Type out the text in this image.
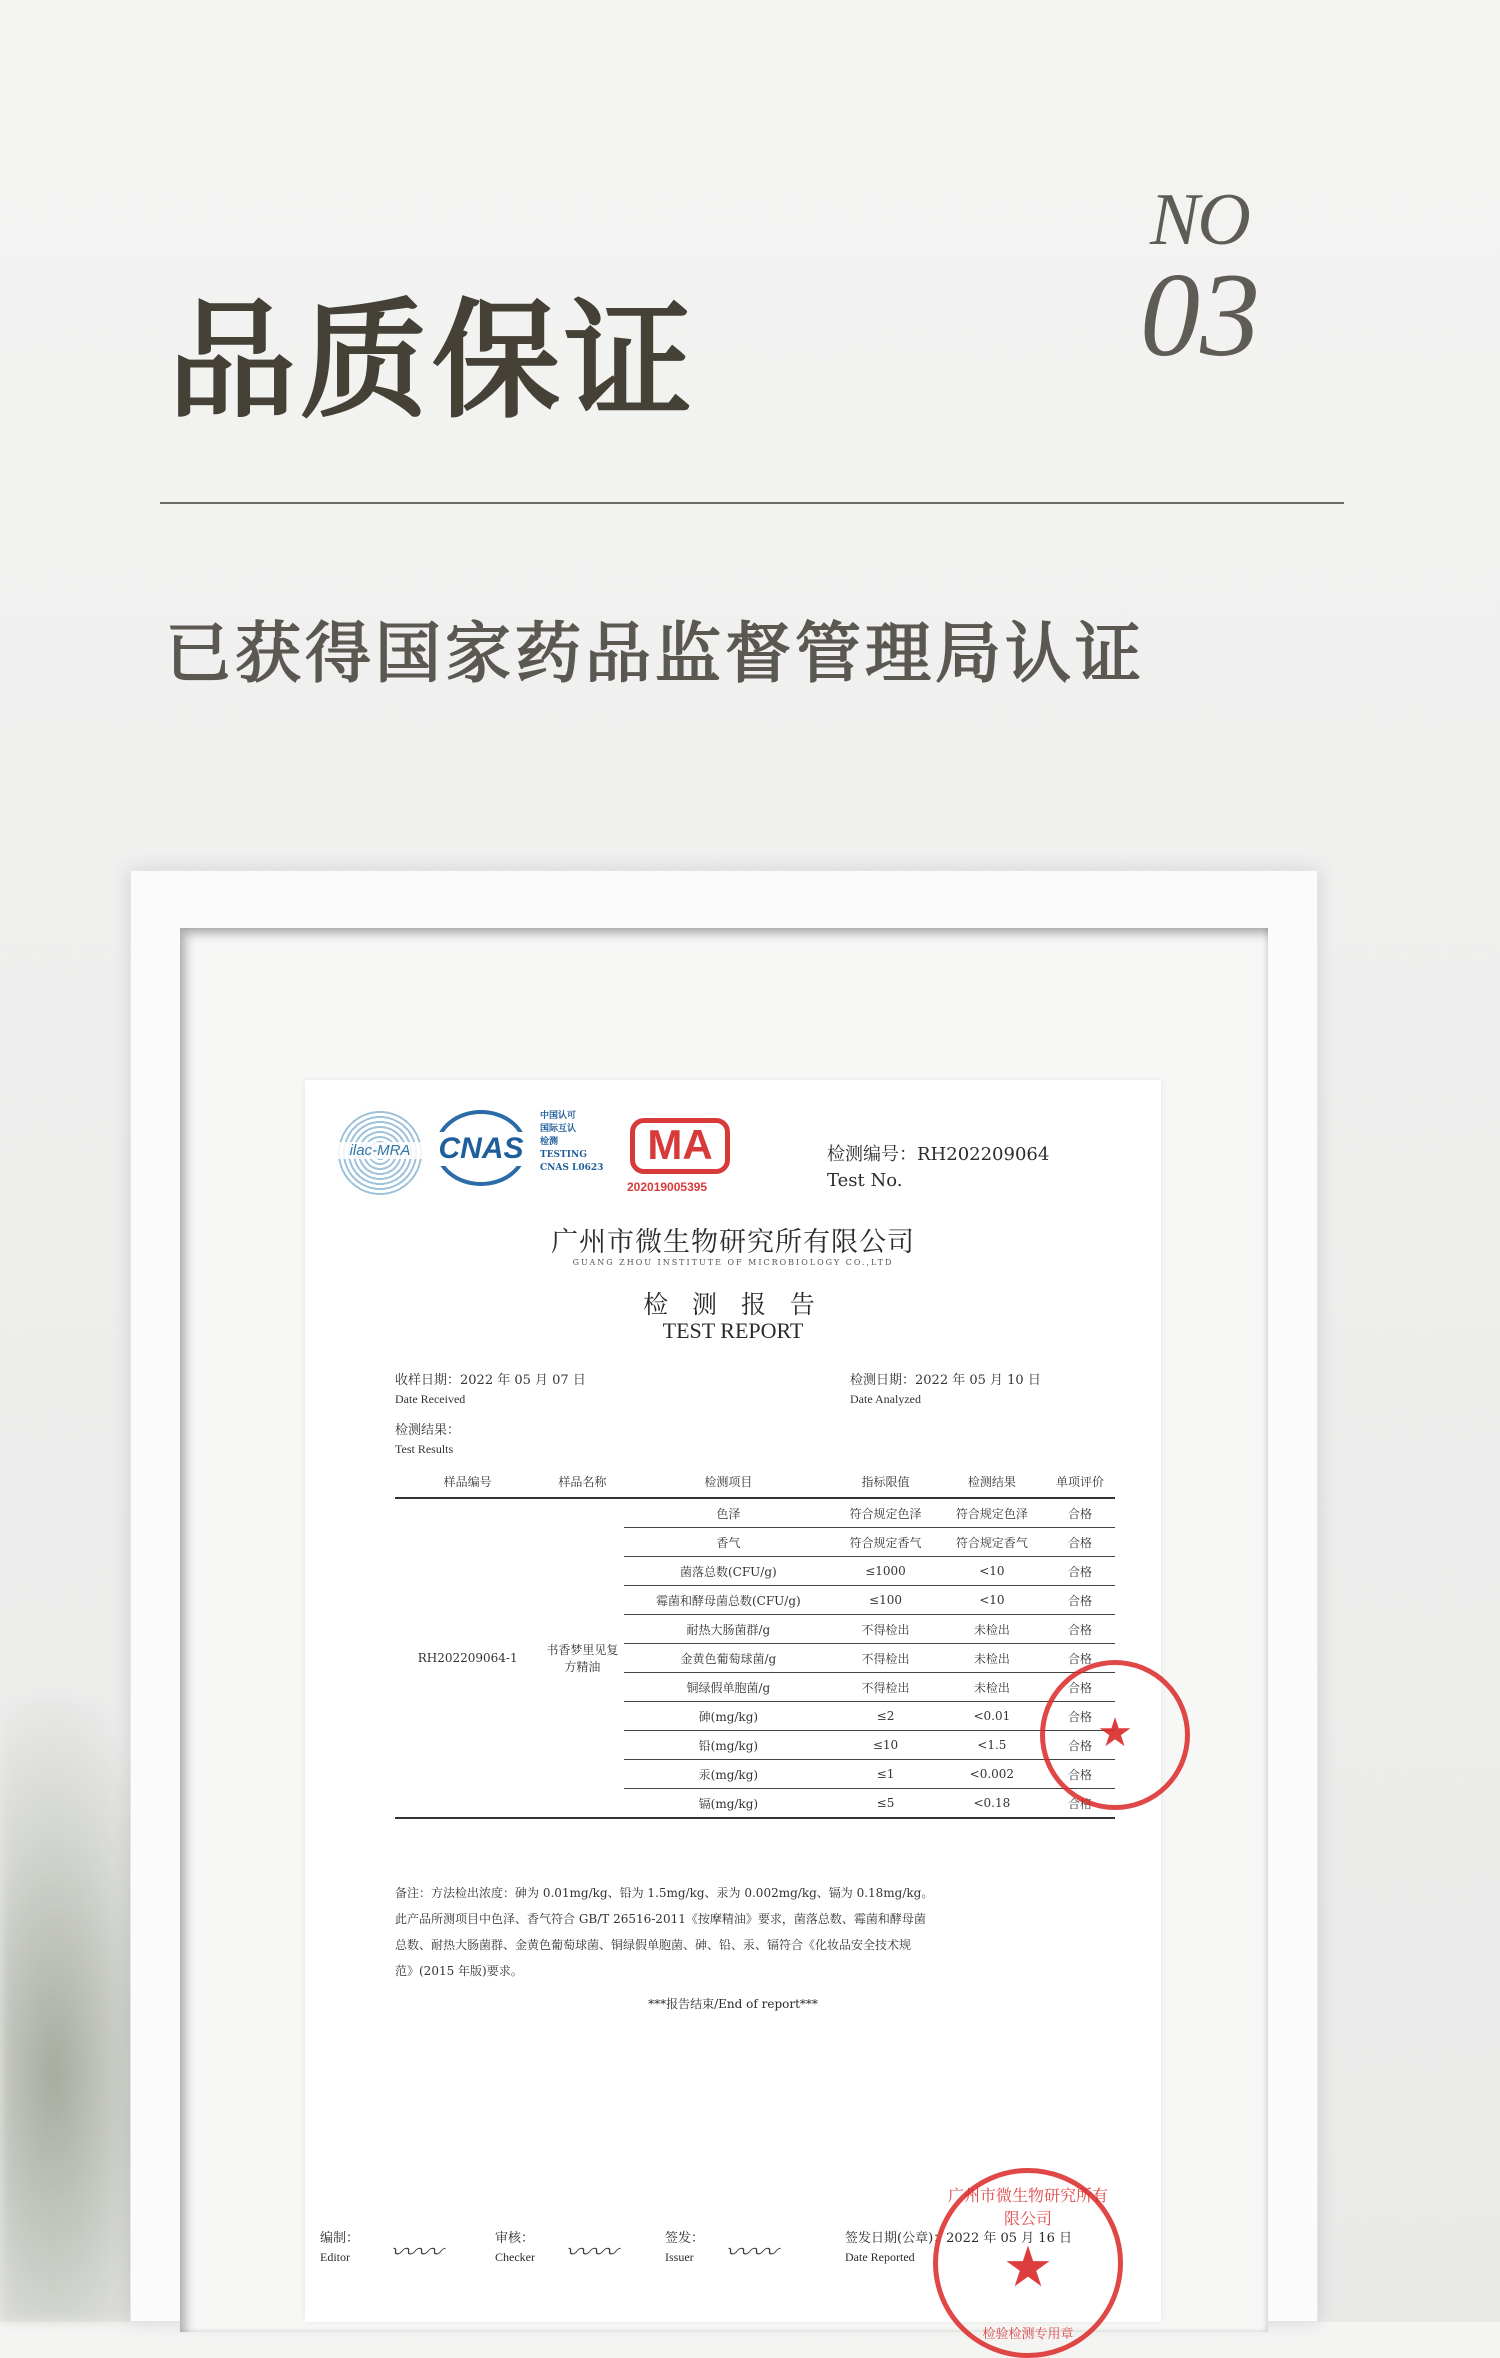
品质保证
NO
03
已获得国家药品监督管理局认证
ilac-MRA CNAS
中国认可
国际互认
检测
TESTING
CNAS L0623	MA
202019005395
检测编号：RH202209064
Test No.
广州市微生物研究所有限公司
GUANG ZHOU INSTITUTE OF MICROBIOLOGY CO.,LTD
检 测 报 告
TEST REPORT
收样日期：2022 年 05 月 07 日
Date Received
检测日期：2022 年 05 月 10 日
Date Analyzed
检测结果：
Test Results
样品编号	样品名称	检测项目	指标限值	检测结果	单项评价
RH202209064-1	书香梦里见复方精油	色泽	符合规定色泽	符合规定色泽	合格
		香气	符合规定香气	符合规定香气	合格
		菌落总数(CFU/g)	≤1000	<10	合格
		霉菌和酵母菌总数(CFU/g)	≤100	<10	合格
		耐热大肠菌群/g	不得检出	未检出	合格
		金黄色葡萄球菌/g	不得检出	未检出	合格
		铜绿假单胞菌/g	不得检出	未检出	合格
		砷(mg/kg)	≤2	<0.01	合格
		铅(mg/kg)	≤10	<1.5	合格
		汞(mg/kg)	≤1	<0.002	合格
		镉(mg/kg)	≤5	<0.18	合格
备注：方法检出浓度：砷为 0.01mg/kg、铅为 1.5mg/kg、汞为 0.002mg/kg、镉为 0.18mg/kg。
此产品所测项目中色泽、香气符合 GB/T 26516-2011《按摩精油》要求，菌落总数、霉菌和酵母菌
总数、耐热大肠菌群、金黄色葡萄球菌、铜绿假单胞菌、砷、铅、汞、镉符合《化妆品安全技术规
范》(2015 年版)要求。
***报告结束/End of report***
编制：
Editor	〰〰	审核：
Checker 〰〰	签发：
Issuer	〰〰	签发日期(公章)：2022 年 05 月 16 日
Date Reported
★
广州市微生物研究所有限公司
★
检验检测专用章
